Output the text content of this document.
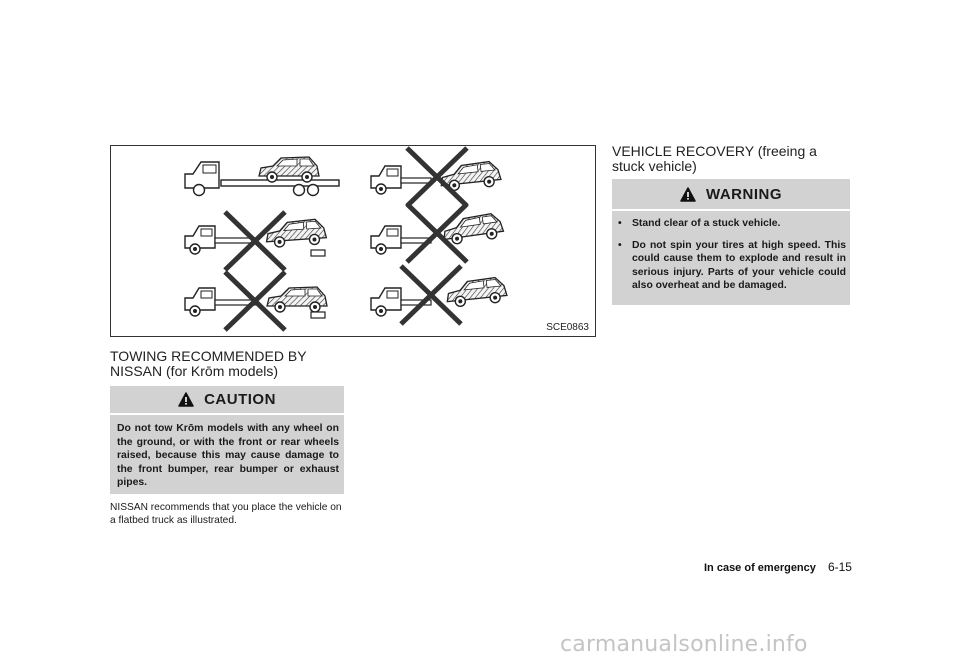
SCE0863
TOWING RECOMMENDED BY NISSAN (for Krōm models)
CAUTION

Do not tow Krōm models with any wheel on the ground, or with the front or rear wheels raised, because this may cause damage to the front bumper, rear bumper or exhaust pipes.

NISSAN recommends that you place the vehicle on a flatbed truck as illustrated.

VEHICLE RECOVERY (freeing a stuck vehicle)
WARNING
• Stand clear of a stuck vehicle.
• Do not spin your tires at high speed. This could cause them to explode and result in serious injury. Parts of your vehicle could also overheat and be damaged.
In case of emergency 6-15
carmanualsonline.info
